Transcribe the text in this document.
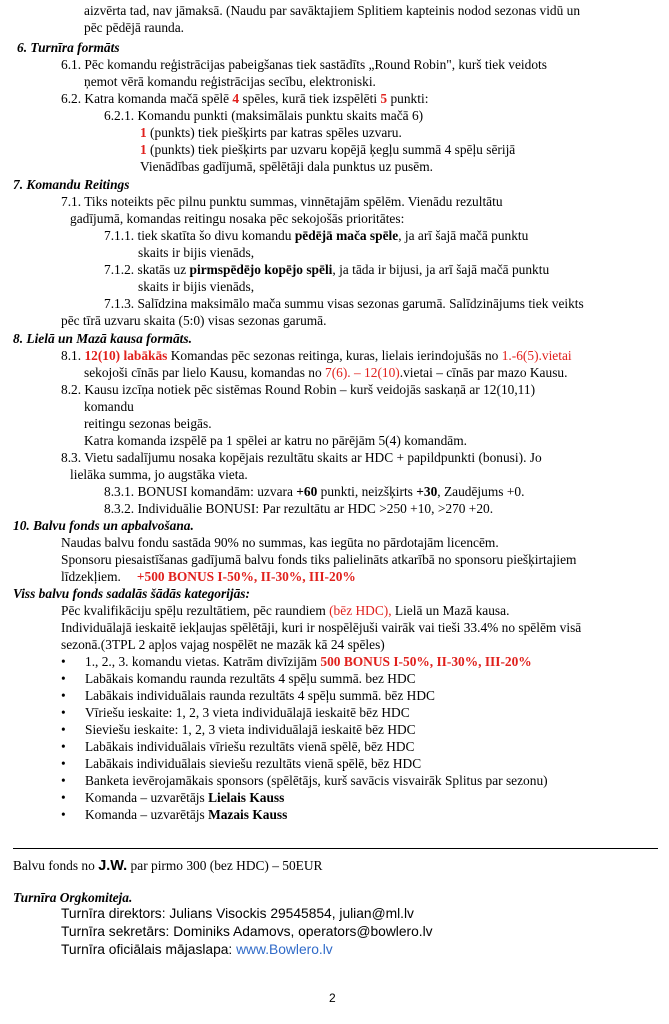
aizvērta tad, nav jāmaksā. (Naudu par savāktajiem Splitiem kapteinis nodod sezonas vidū un
pēc pēdējā raunda.
6. Turnīra formāts
6.1. Pēc komandu reģistrācijas pabeigšanas tiek sastādīts „Round Robin", kurš tiek veidots
ņemot vērā komandu reģistrācijas secību, elektroniski.
6.2. Katra komanda mačā spēlē 4 spēles, kurā tiek izspēlēti 5 punkti:
6.2.1. Komandu punkti (maksimālais punktu skaits mačā 6)
1 (punkts) tiek piešķirts par katras spēles uzvaru.
1 (punkts) tiek piešķirts par uzvaru kopējā ķegļu summā 4 spēļu sērijā
Vienādības gadījumā, spēlētāji dala punktus uz pusēm.
7. Komandu Reitings
7.1. Tiks noteikts pēc pilnu punktu summas, vinnētajām spēlēm. Vienādu rezultātu
gadījumā, komandas reitingu nosaka pēc sekojošās prioritātes:
7.1.1. tiek skatīta šo divu komandu pēdējā mača spēle, ja arī šajā mačā punktu
skaits ir bijis vienāds,
7.1.2. skatās uz pirmspēdējo kopējo spēli, ja tāda ir bijusi, ja arī šajā mačā punktu
skaits ir bijis vienāds,
7.1.3. Salīdzina maksimālo mača summu visas sezonas garumā. Salīdzinājums tiek veikts
pēc tīrā uzvaru skaita (5:0) visas sezonas garumā.
8. Lielā un Mazā kausa formāts.
8.1. 12(10) labākās Komandas pēc sezonas reitinga, kuras, lielais ierindojušās no 1.-6(5).vietai
sekojoši cīnās par lielo Kausu, komandas no 7(6). – 12(10).vietai – cīnās par mazo Kausu.
8.2. Kausu izcīņa notiek pēc sistēmas Round Robin – kurš veidojās saskaņā ar 12(10,11)
komandu
reitingu sezonas beigās.
Katra komanda izspēlē pa 1 spēlei ar katru no pārējām 5(4) komandām.
8.3. Vietu sadalījumu nosaka kopējais rezultātu skaits ar HDC + papildpunkti (bonusi). Jo
lielāka summa, jo augstāka vieta.
8.3.1. BONUSI komandām: uzvara +60 punkti, neizšķirts +30, Zaudējums +0.
8.3.2. Individuālie BONUSI: Par rezultātu ar HDC >250 +10, >270 +20.
10. Balvu fonds un apbalvošana.
Naudas balvu fondu sastāda 90% no summas, kas iegūta no pārdotajām licencēm.
Sponsoru piesaistīšanas gadījumā balvu fonds tiks palielināts atkarībā no sponsoru piešķirtajiem
līdzekļiem. +500 BONUS I-50%, II-30%, III-20%
Viss balvu fonds sadalās šādās kategorijās:
Pēc kvalifikāciju spēļu rezultātiem, pēc raundiem (bēz HDC), Lielā un Mazā kausa.
Individuālajā ieskaitē iekļaujas spēlētāji, kuri ir nospēlējuši vairāk vai tieši 33.4% no spēlēm visā
sezonā.(3TPL 2 apļos vajag nospēlēt ne mazāk kā 24 spēles)
• 1., 2., 3. komandu vietas. Katrām divīzijām 500 BONUS I-50%, II-30%, III-20%
• Labākais komandu raunda rezultāts 4 spēļu summā. bez HDC
• Labākais individuālais raunda rezultāts 4 spēļu summā. bēz HDC
• Vīriešu ieskaite: 1, 2, 3 vieta individuālajā ieskaitē bēz HDC
• Sieviešu ieskaite: 1, 2, 3 vieta individuālajā ieskaitē bēz HDC
• Labākais individuālais vīriešu rezultāts vienā spēlē, bēz HDC
• Labākais individuālais sieviešu rezultāts vienā spēlē, bēz HDC
• Banketa ievērojamākais sponsors (spēlētājs, kurš savācis visvairāk Splitus par sezonu)
• Komanda – uzvarētājs Lielais Kauss
• Komanda – uzvarētājs Mazais Kauss
Balvu fonds no J.W. par pirmo 300 (bez HDC) – 50EUR
Turnīra Orgkomiteja.
Turnīra direktors: Julians Visockis 29545854, julian@ml.lv
Turnīra sekretārs: Dominiks Adamovs, operators@bowlero.lv
Turnīra oficiālais mājaslapa: www.Bowlero.lv
2
